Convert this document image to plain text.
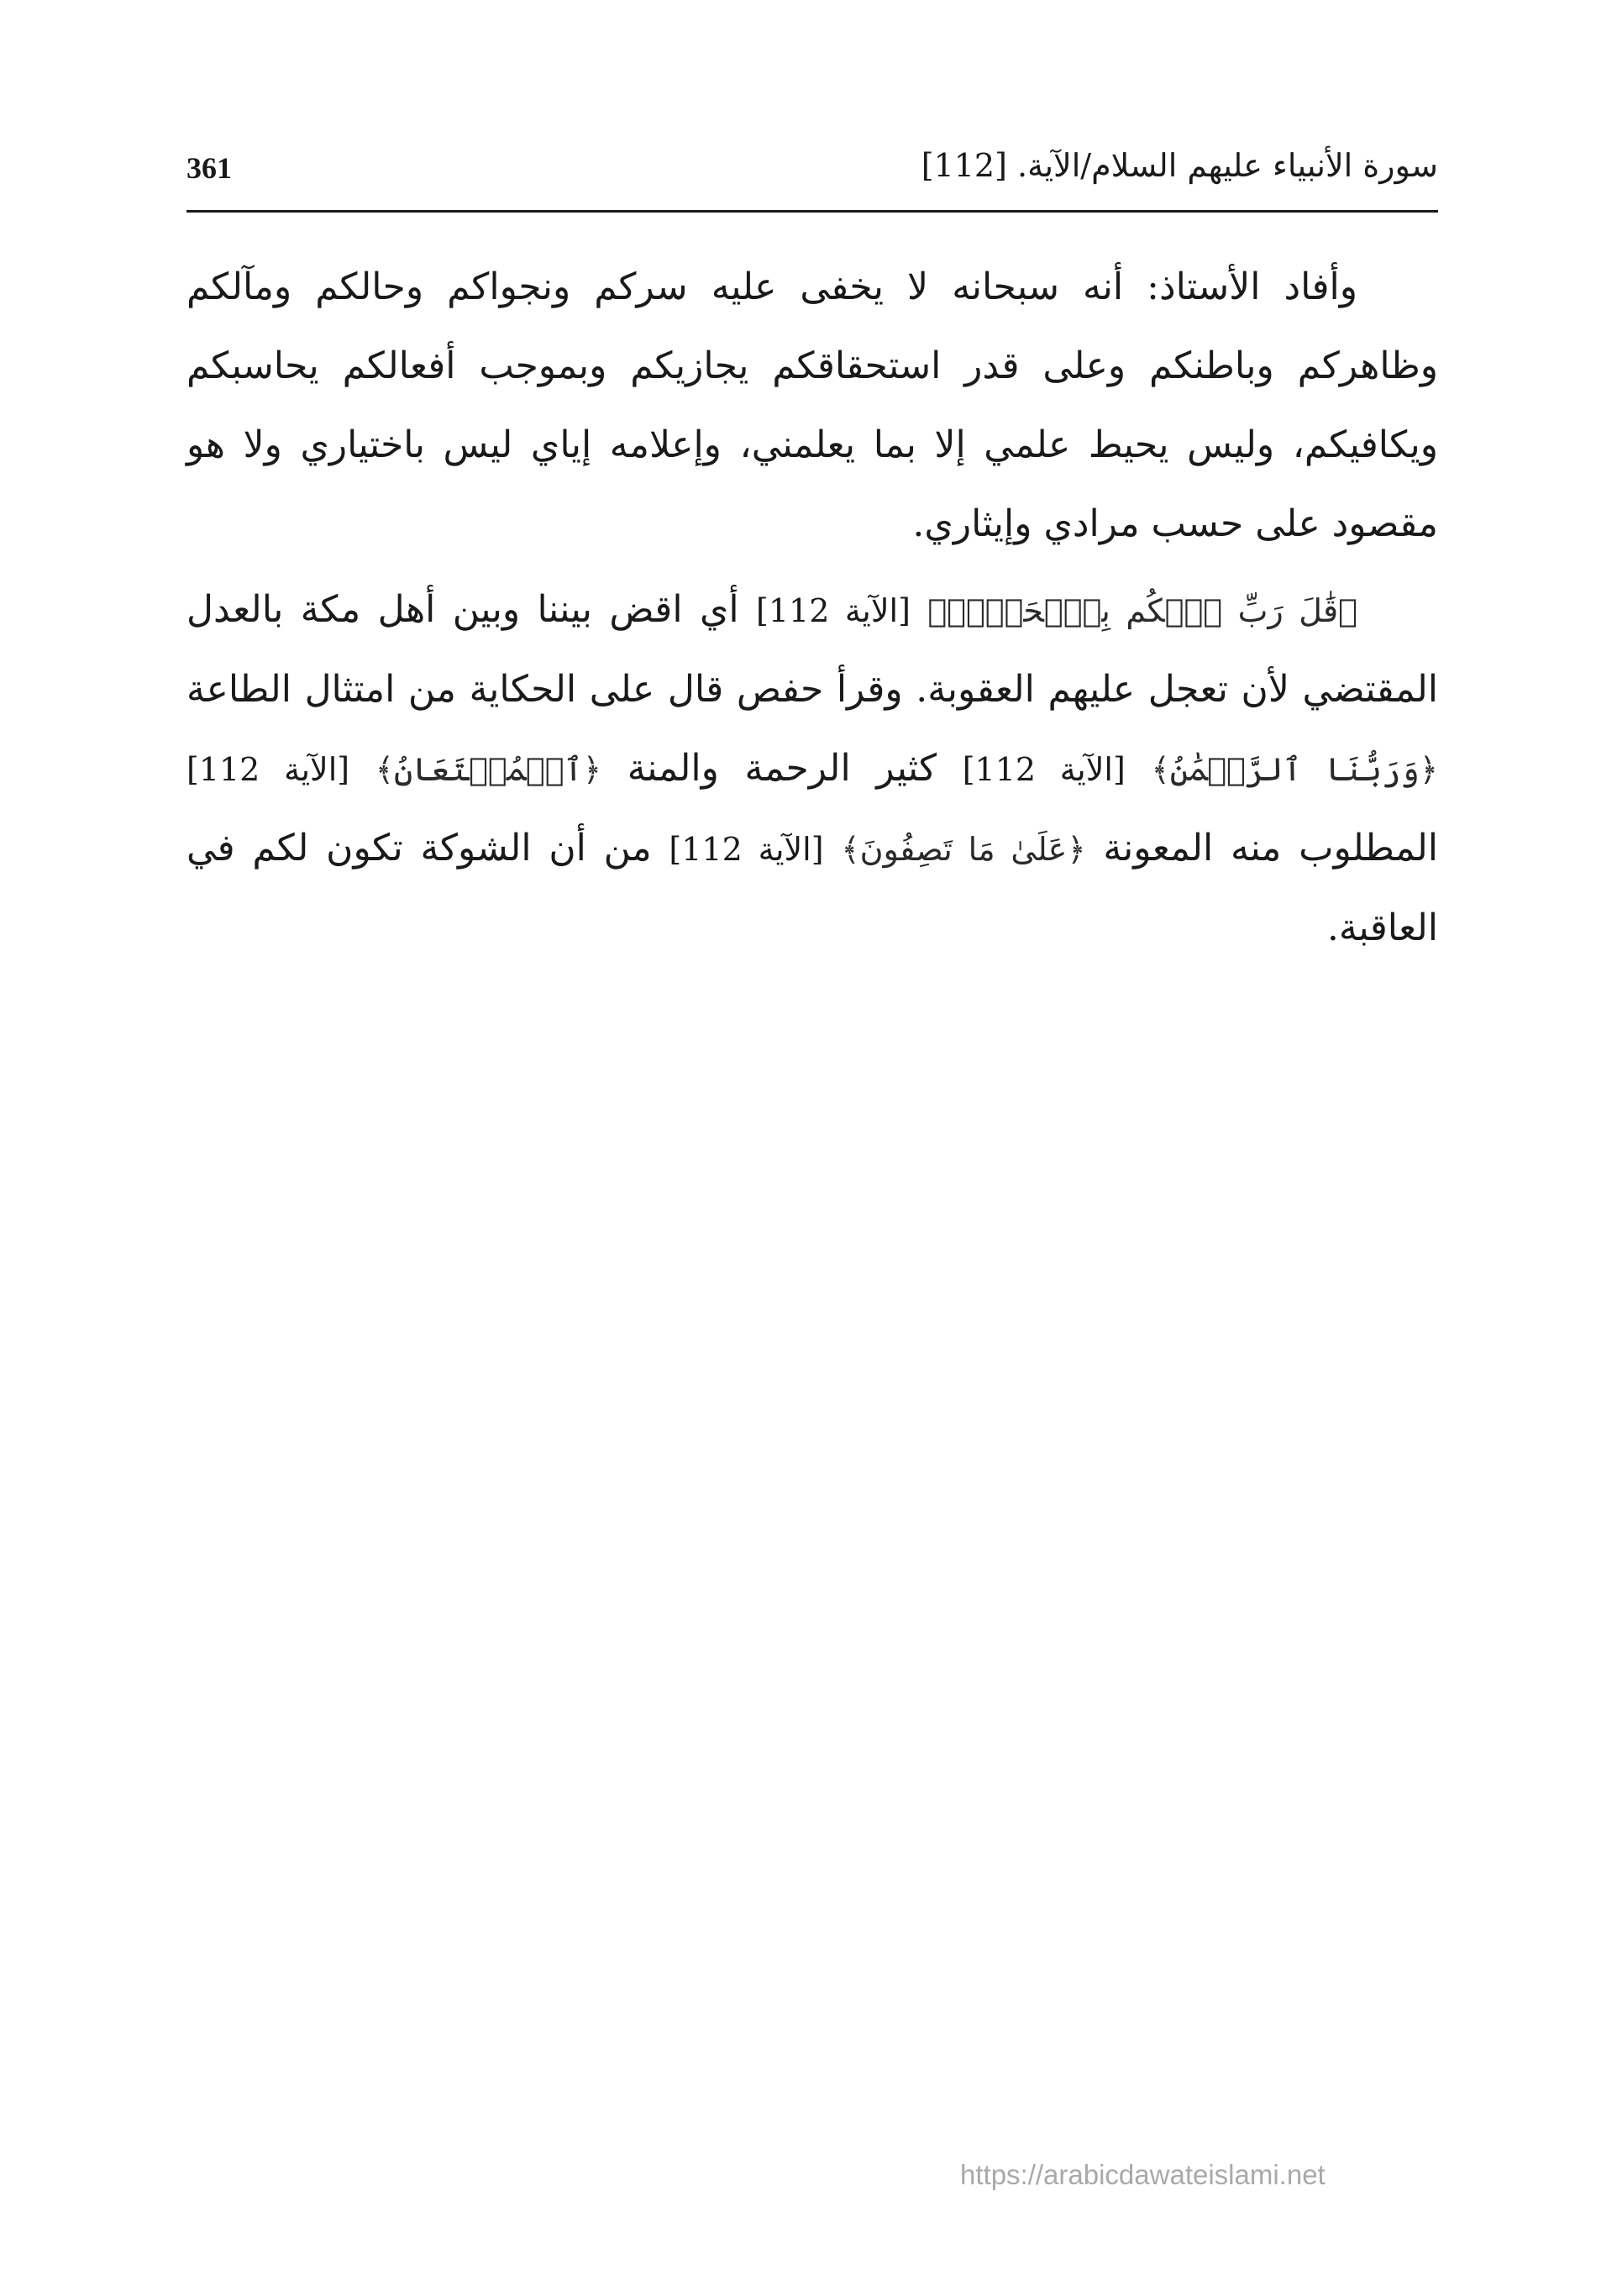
361	سورة الأنبياء عليهم السلام/الآية. [112]

وأفاد الأستاذ: أنه سبحانه لا يخفى عليه سركم ونجواكم وحالكم ومآلكم وظاهركم وباطنكم وعلى قدر استحقاقكم يجازيكم وبموجب أفعالكم يحاسبكم ويكافيكم، وليس يحيط علمي إلا بما يعلمني، وإعلامه إياي ليس باختياري ولا هو مقصود على حسب مرادي وإيثاري.

﴿قَٰلَ رَبِّ ٱحۡكُم بِٱلۡحَقِّۗ﴾ [الآية 112] أي اقض بيننا وبين أهل مكة بالعدل المقتضي لأن تعجل عليهم العقوبة. وقرأ حفص قال على الحكاية من امتثال الطاعة ﴿وَرَبُّنَا ٱلرَّحۡمَٰنُ﴾ [الآية 112] كثير الرحمة والمنة ﴿ٱلۡمُسۡتَعَانُ﴾ [الآية 112] المطلوب منه المعونة ﴿عَلَىٰ مَا تَصِفُونَ﴾ [الآية 112] من أن الشوكة تكون لكم في العاقبة.

https://arabicdawateislami.net
